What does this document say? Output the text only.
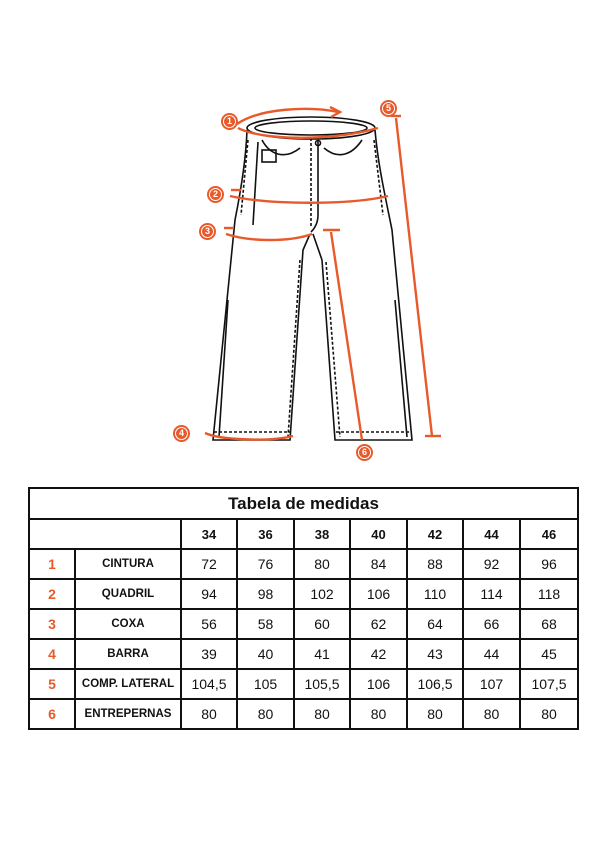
1
2
3
4
5
6
Tabela de medidas								
		34	36	38	40	42	44	46
1	CINTURA	72	76	80	84	88	92	96
2	QUADRIL	94	98	102	106	110	114	118
3	COXA	56	58	60	62	64	66	68
4	BARRA	39	40	41	42	43	44	45
5	COMP. LATERAL	104,5	105	105,5	106	106,5	107	107,5
6	ENTREPERNAS	80	80	80	80	80	80	80
